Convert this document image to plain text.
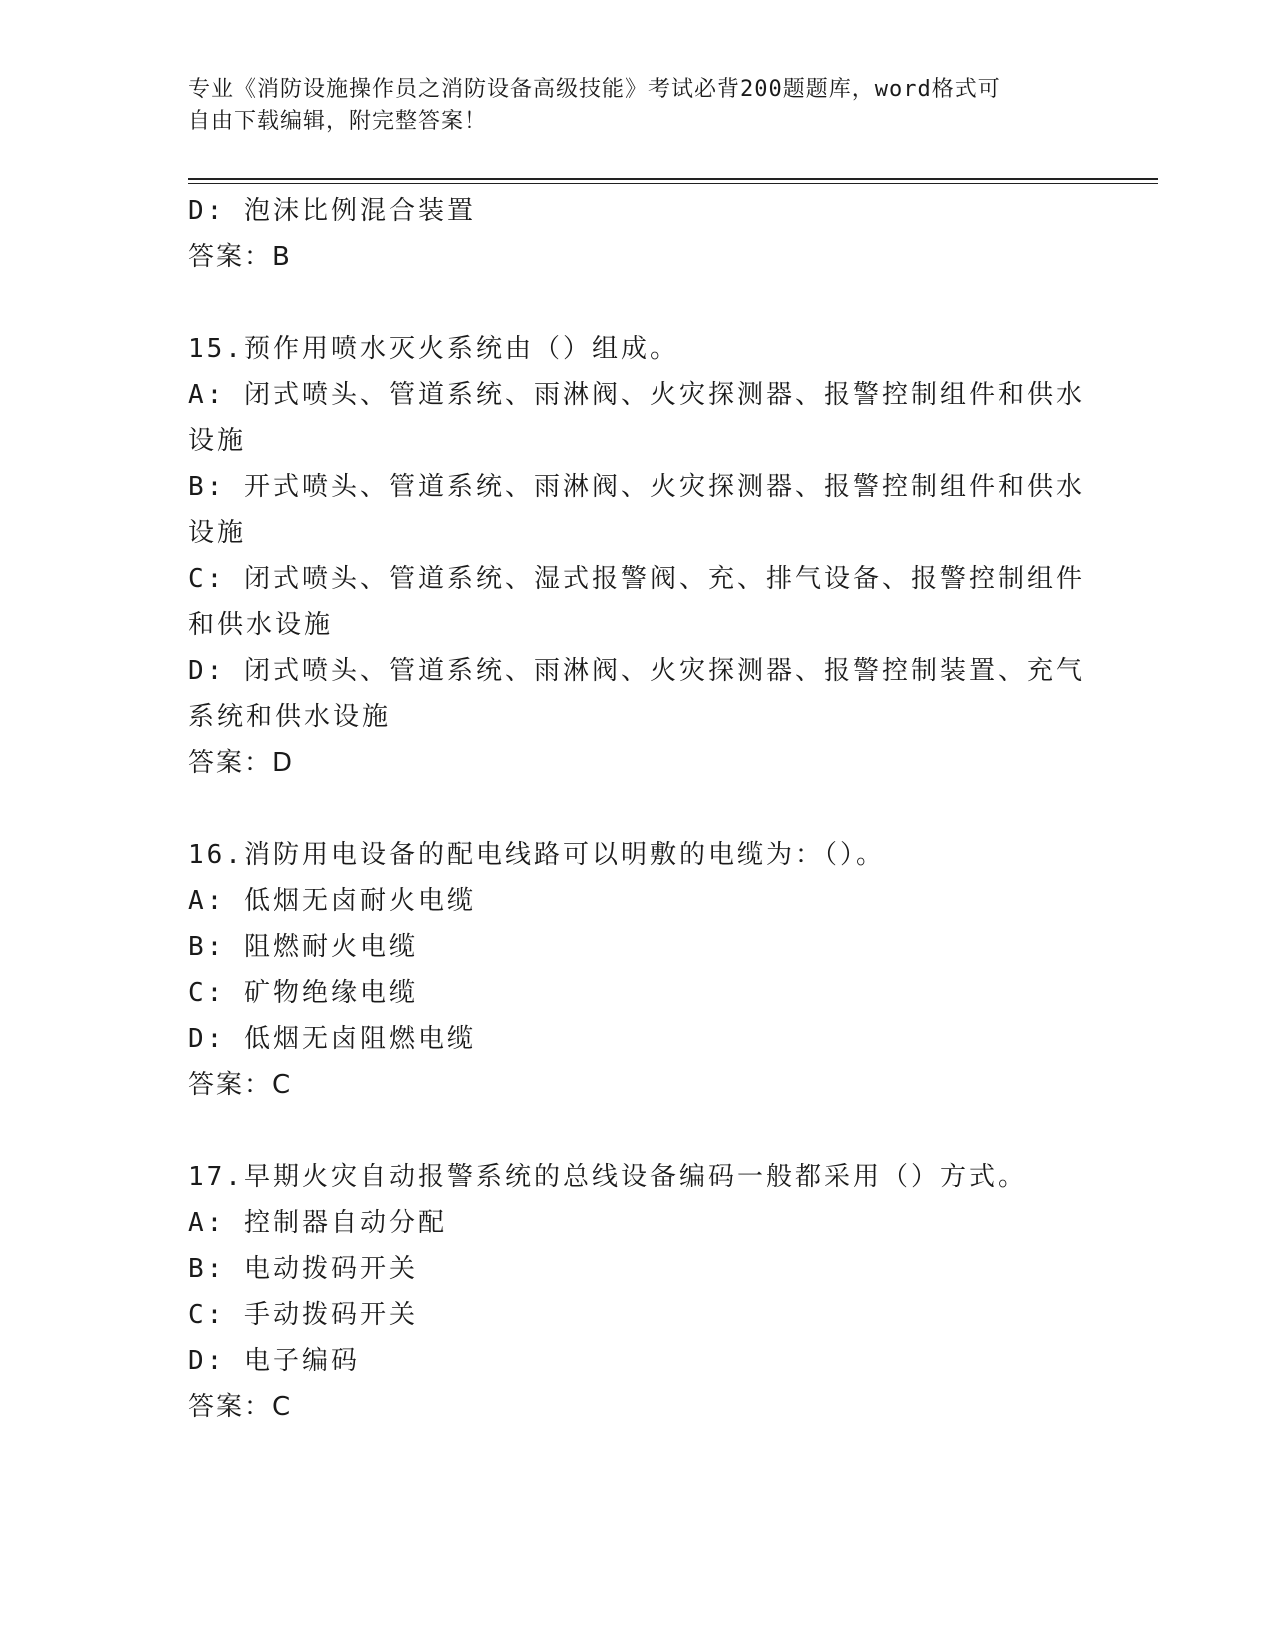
专业《消防设施操作员之消防设备高级技能》考试必背200题题库，word格式可
自由下载编辑，附完整答案！
D: 泡沫比例混合装置
答案：B
15.预作用喷水灭火系统由（）组成。
A: 闭式喷头、管道系统、雨淋阀、火灾探测器、报警控制组件和供水
设施
B: 开式喷头、管道系统、雨淋阀、火灾探测器、报警控制组件和供水
设施
C: 闭式喷头、管道系统、湿式报警阀、充、排气设备、报警控制组件
和供水设施
D: 闭式喷头、管道系统、雨淋阀、火灾探测器、报警控制装置、充气
系统和供水设施
答案：D
16.消防用电设备的配电线路可以明敷的电缆为：（）。
A: 低烟无卤耐火电缆
B: 阻燃耐火电缆
C: 矿物绝缘电缆
D: 低烟无卤阻燃电缆
答案：C
17.早期火灾自动报警系统的总线设备编码一般都采用（）方式。
A: 控制器自动分配
B: 电动拨码开关
C: 手动拨码开关
D: 电子编码
答案：C
